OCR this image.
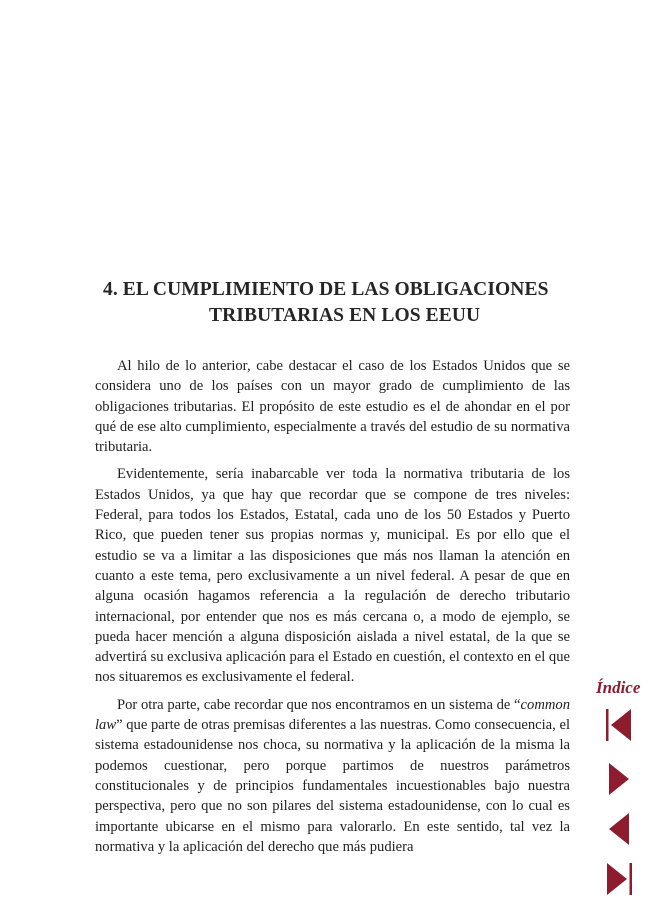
4. EL CUMPLIMIENTO DE LAS OBLIGACIONES
TRIBUTARIAS EN LOS EEUU

Al hilo de lo anterior, cabe destacar el caso de los Estados Unidos que se considera uno de los países con un mayor grado de cumplimiento de las obligaciones tributarias. El propósito de este estudio es el de ahondar en el por qué de ese alto cumplimiento, especialmente a través del estudio de su normativa tributaria.

Evidentemente, sería inabarcable ver toda la normativa tributaria de los Estados Unidos, ya que hay que recordar que se compone de tres niveles: Federal, para todos los Estados, Estatal, cada uno de los 50 Estados y Puerto Rico, que pueden tener sus propias normas y, municipal. Es por ello que el estudio se va a limitar a las disposiciones que más nos llaman la atención en cuanto a este tema, pero exclusivamente a un nivel federal. A pesar de que en alguna ocasión hagamos referencia a la regulación de derecho tributario internacional, por entender que nos es más cercana o, a modo de ejemplo, se pueda hacer mención a alguna disposición aislada a nivel estatal, de la que se advertirá su exclusiva aplicación para el Estado en cuestión, el contexto en el que nos situaremos es exclusivamente el federal.

Por otra parte, cabe recordar que nos encontramos en un sistema de “common law” que parte de otras premisas diferentes a las nuestras. Como consecuencia, el sistema estadounidense nos choca, su normativa y la aplicación de la misma la podemos cuestionar, pero porque partimos de nuestros parámetros constitucionales y de principios fundamentales incuestionables bajo nuestra perspectiva, pero que no son pilares del sistema estadounidense, con lo cual es importante ubicarse en el mismo para valorarlo. En este sentido, tal vez la normativa y la aplicación del derecho que más pudiera

Índice
